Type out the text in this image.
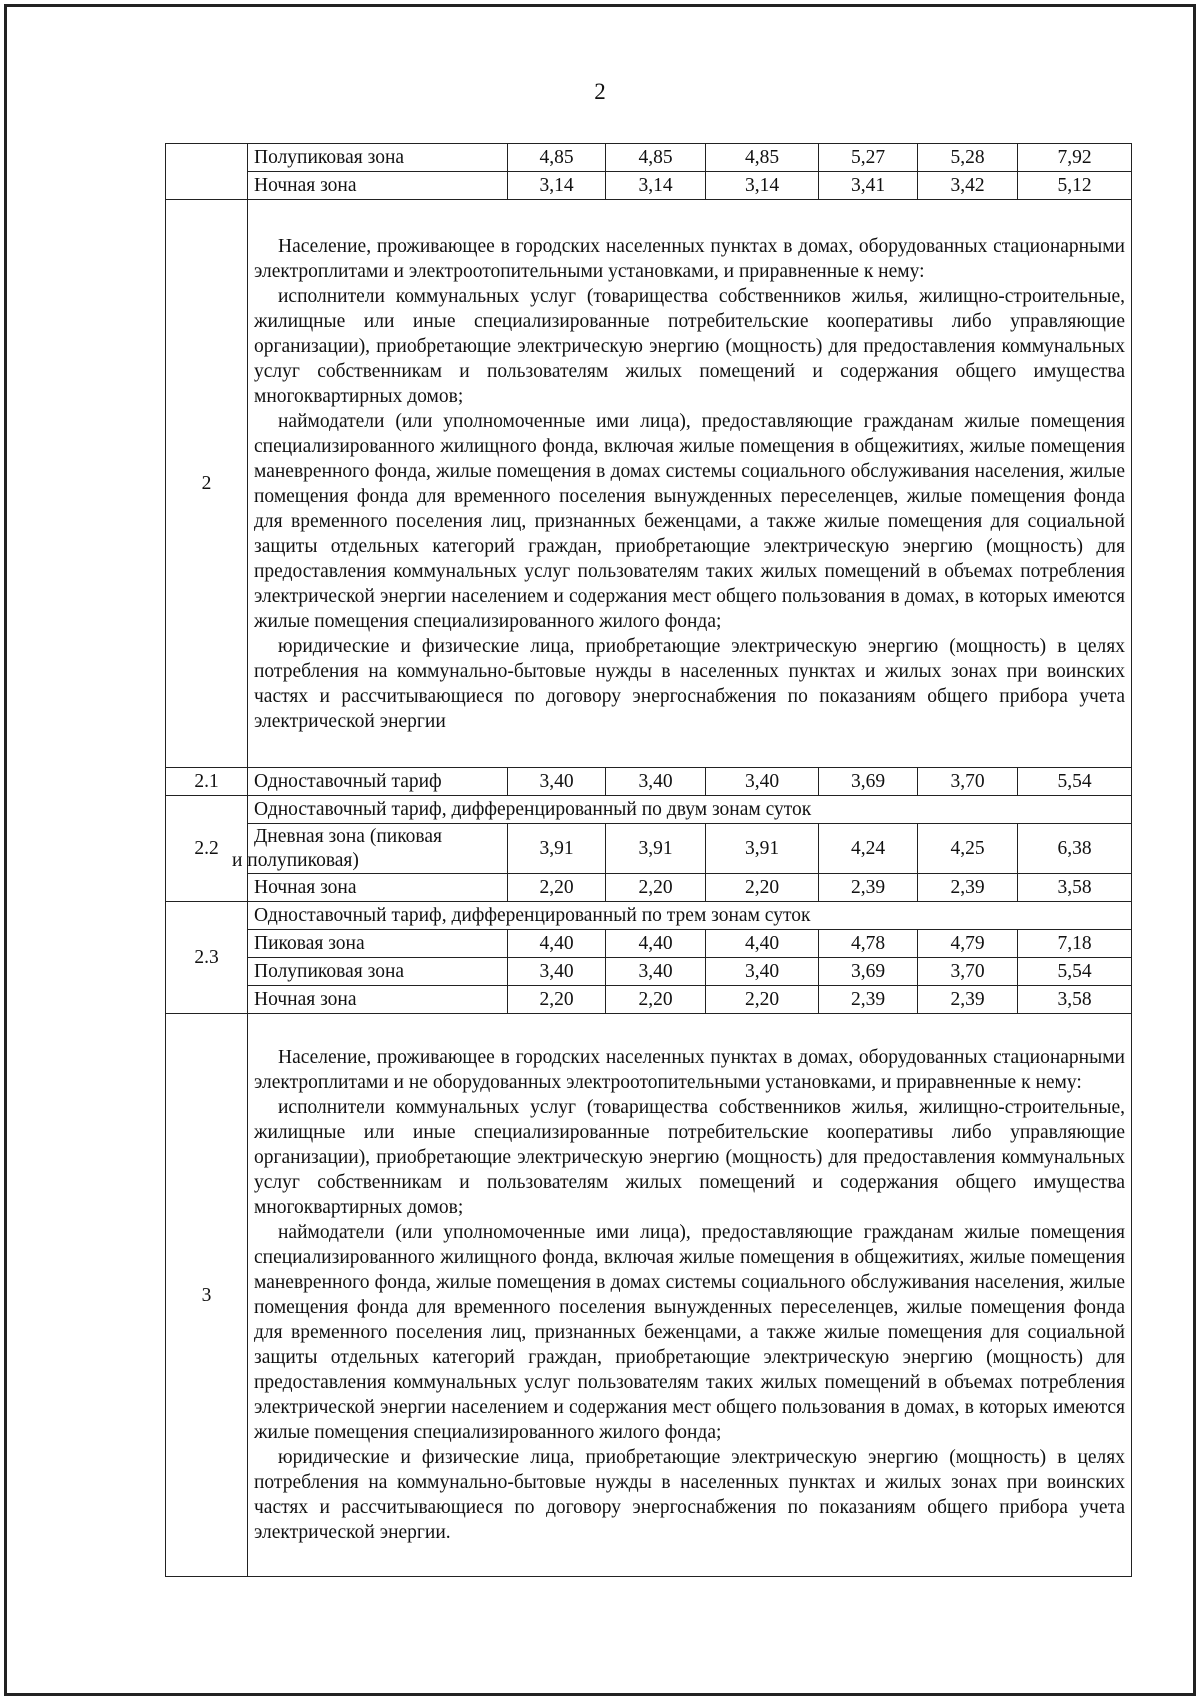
2
	Полупиковая зона	4,85	4,85	4,85	5,27	5,28	7,92
	Ночная зона	3,14	3,14	3,14	3,41	3,42	5,12
2	Население, проживающее в городских населенных пунктах в домах, оборудованных стационарными электроплитами и электроотопительными установками, и приравненные к нему:

исполнители коммунальных услуг (товарищества собственников жилья, жилищно-строительные, жилищные или иные специализированные потребительские кооперативы либо управляющие организации), приобретающие электрическую энергию (мощность) для предоставления коммунальных услуг собственникам и пользователям жилых помещений и содержания общего имущества многоквартирных домов;

наймодатели (или уполномоченные ими лица), предоставляющие гражданам жилые помещения специализированного жилищного фонда, включая жилые помещения в общежитиях, жилые помещения маневренного фонда, жилые помещения в домах системы социального обслуживания населения, жилые помещения фонда для временного поселения вынужденных переселенцев, жилые помещения фонда для временного поселения лиц, признанных беженцами, а также жилые помещения для социальной защиты отдельных категорий граждан, приобретающие электрическую энергию (мощность) для предоставления коммунальных услуг пользователям таких жилых помещений в объемах потребления электрической энергии населением и содержания мест общего пользования в домах, в которых имеются жилые помещения специализированного жилого фонда;

юридические и физические лица, приобретающие электрическую энергию (мощность) в целях потребления на коммунально-бытовые нужды в населенных пунктах и жилых зонах при воинских частях и рассчитывающиеся по договору энергоснабжения по показаниям общего прибора учета электрической энергии						

2.1	Одноставочный тариф	3,40	3,40	3,40	3,69	3,70	5,54
2.2	Одноставочный тариф, дифференцированный по двум зонам суток						

	Дневная зона (пиковая
и полупиковая)	3,91	3,91	3,91	4,24	4,25	6,38
	Ночная зона	2,20	2,20	2,20	2,39	2,39	3,58
2.3	Одноставочный тариф, дифференцированный по трем зонам суток						
	Пиковая зона	4,40	4,40	4,40	4,78	4,79	7,18
	Полупиковая зона	3,40	3,40	3,40	3,69	3,70	5,54
	Ночная зона	2,20	2,20	2,20	2,39	2,39	3,58
3	Население, проживающее в городских населенных пунктах в домах, оборудованных стационарными электроплитами и не оборудованных электроотопительными установками, и приравненные к нему:

исполнители коммунальных услуг (товарищества собственников жилья, жилищно-строительные, жилищные или иные специализированные потребительские кооперативы либо управляющие организации), приобретающие электрическую энергию (мощность) для предоставления коммунальных услуг собственникам и пользователям жилых помещений и содержания общего имущества многоквартирных домов;

наймодатели (или уполномоченные ими лица), предоставляющие гражданам жилые помещения специализированного жилищного фонда, включая жилые помещения в общежитиях, жилые помещения маневренного фонда, жилые помещения в домах системы социального обслуживания населения, жилые помещения фонда для временного поселения вынужденных переселенцев, жилые помещения фонда для временного поселения лиц, признанных беженцами, а также жилые помещения для социальной защиты отдельных категорий граждан, приобретающие электрическую энергию (мощность) для предоставления коммунальных услуг пользователям таких жилых помещений в объемах потребления электрической энергии населением и содержания мест общего пользования в домах, в которых имеются жилые помещения специализированного жилого фонда;

юридические и физические лица, приобретающие электрическую энергию (мощность) в целях потребления на коммунально-бытовые нужды в населенных пунктах и жилых зонах при воинских частях и рассчитывающиеся по договору энергоснабжения по показаниям общего прибора учета электрической энергии.						
